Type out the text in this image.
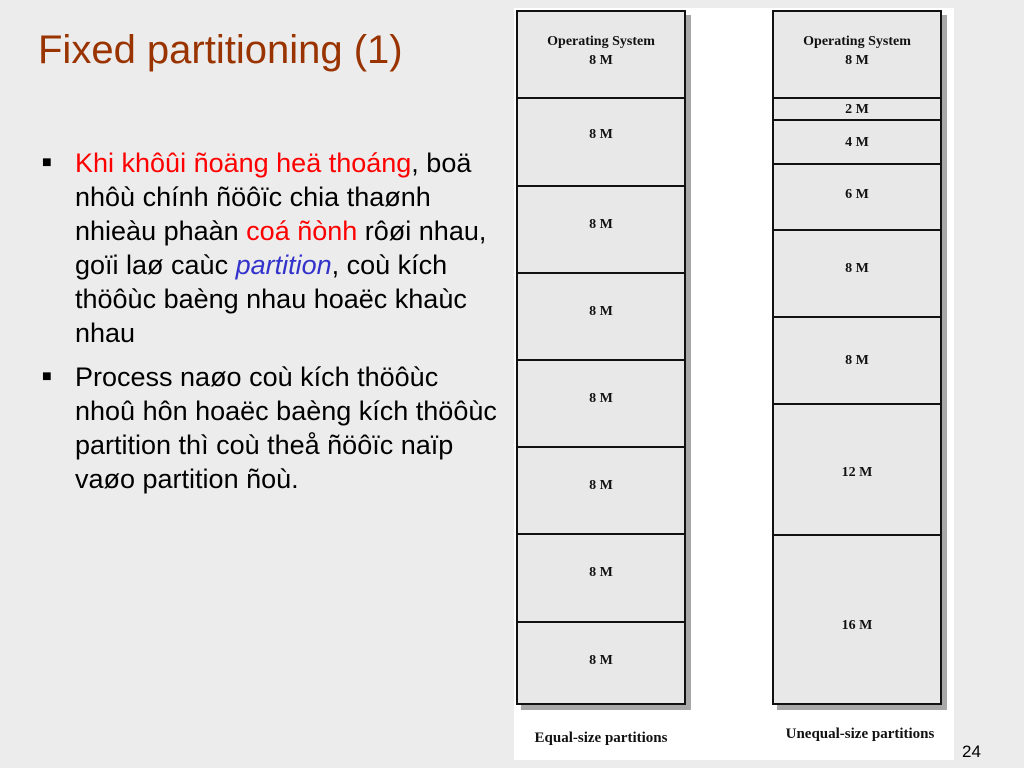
Fixed partitioning (1)
■ Khi khôûi ñoäng heä thoáng, boä nhôù chính ñöôïc chia thaønh nhieàu phaàn coá ñònh rôøi nhau, goïi laø caùc partition, coù kích thöôùc baèng nhau hoaëc khaùc nhau
■ Process naøo coù kích thöôùc nhoû hôn hoaëc baèng kích thöôùc partition thì coù theå ñöôïc naïp vaøo partition ñoù.
Operating System
8 M
8 M
8 M
8 M
8 M
8 M
8 M
8 M
Equal-size partitions
Operating System
8 M
2 M
4 M
6 M
8 M
8 M
12 M
16 M
Unequal-size partitions
24
